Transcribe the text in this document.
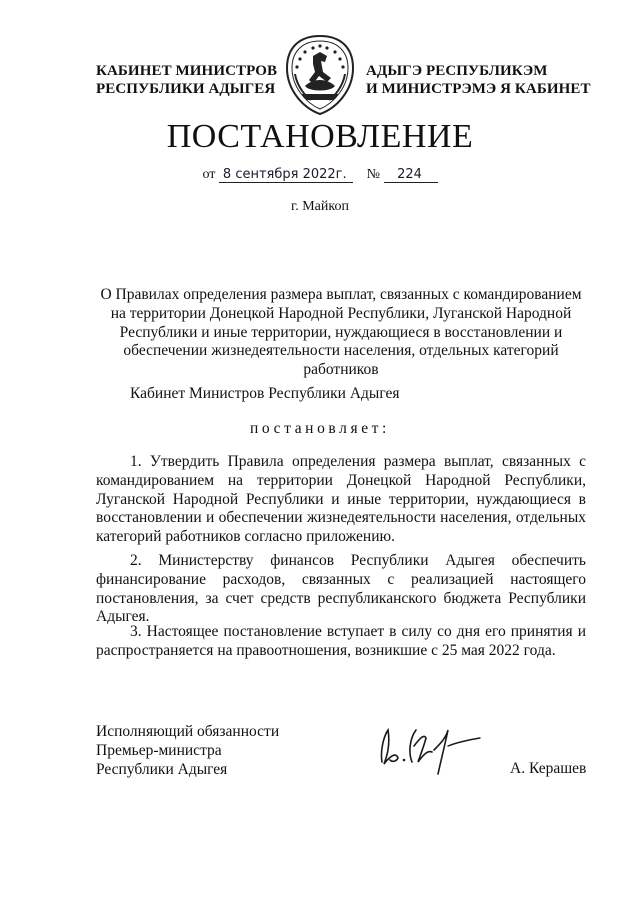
КАБИНЕТ МИНИСТРОВ
РЕСПУБЛИКИ АДЫГЕЯ
АДЫГЭ РЕСПУБЛИКЭМ
И МИНИСТРЭМЭ Я КАБИНЕТ
ПОСТАНОВЛЕНИЕ
от 8 сентября 2022г. № 224
г. Майкоп
О Правилах определения размера выплат, связанных с командированием на территории Донецкой Народной Республики, Луганской Народной Республики и иные территории, нуждающиеся в восстановлении и обеспечении жизнедеятельности населения, отдельных категорий работников
Кабинет Министров Республики Адыгея
постановляет:
1. Утвердить Правила определения размера выплат, связанных с командированием на территории Донецкой Народной Республики, Луганской Народной Республики и иные территории, нуждающиеся в восстановлении и обеспечении жизнедеятельности населения, отдельных категорий работников согласно приложению.
2. Министерству финансов Республики Адыгея обеспечить финансирование расходов, связанных с реализацией настоящего постановления, за счет средств республиканского бюджета Республики Адыгея.
3. Настоящее постановление вступает в силу со дня его принятия и распространяется на правоотношения, возникшие с 25 мая 2022 года.
Исполняющий обязанности
Премьер-министра
Республики Адыгея	А. Керашев
